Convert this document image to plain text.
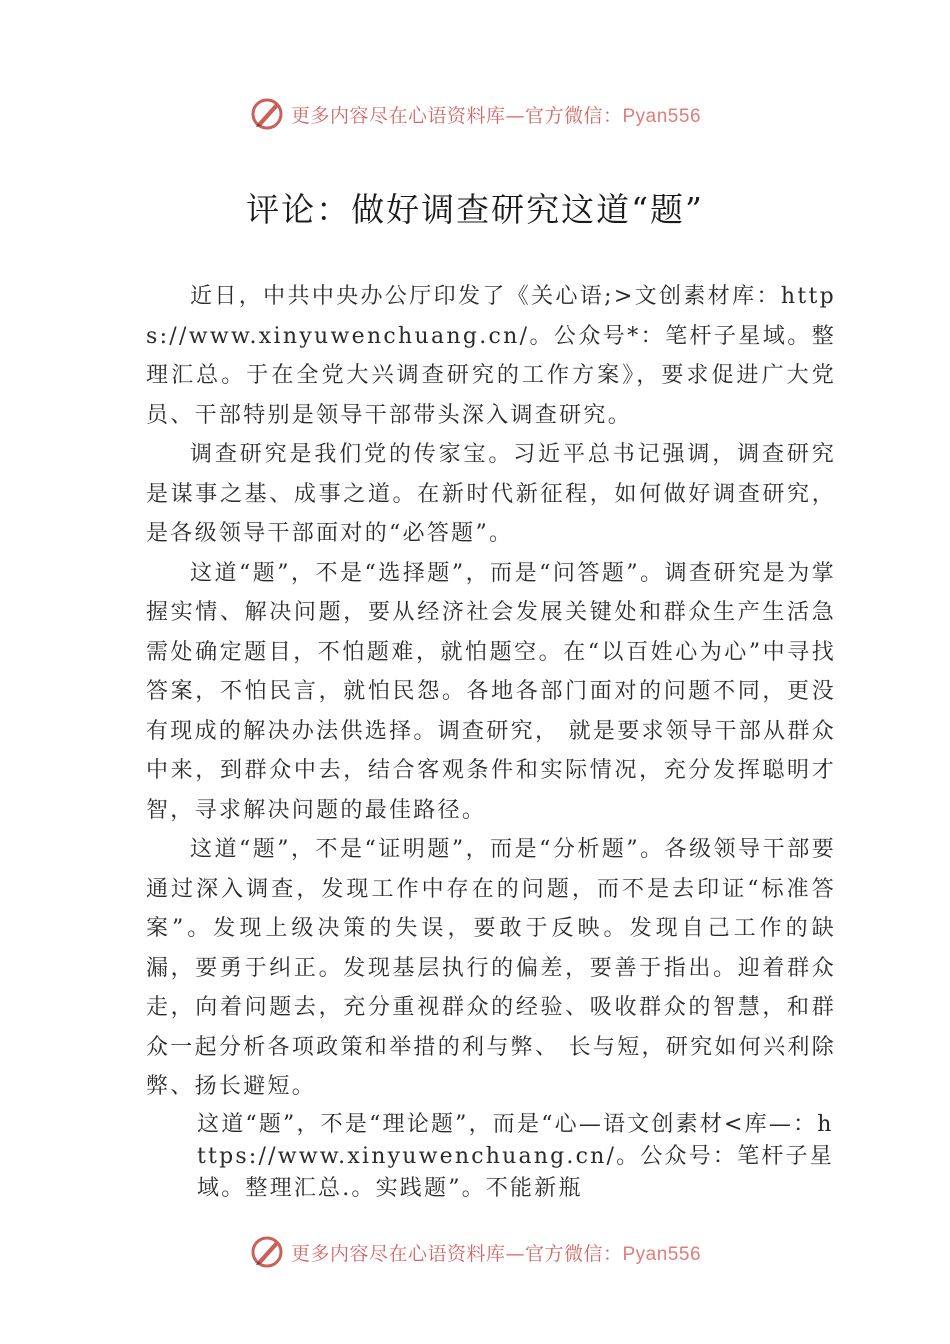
更多内容尽在心语资料库—官方微信：Pyan556
评论：做好调查研究这道“题”

近日，中共中央办公厅印发了《关心语;>文创素材库：https://www.xinyuwenchuang.cn/。公众号*：笔杆子星域。整理汇总。于在全党大兴调查研究的工作方案》，要求促进广大党员、干部特别是领导干部带头深入调查研究。

调查研究是我们党的传家宝。习近平总书记强调，调查研究是谋事之基、成事之道。在新时代新征程，如何做好调查研究，是各级领导干部面对的“必答题”。

这道“题”，不是“选择题”，而是“问答题”。调查研究是为掌握实情、解决问题，要从经济社会发展关键处和群众生产生活急需处确定题目，不怕题难，就怕题空。在“以百姓心为心”中寻找答案，不怕民言，就怕民怨。各地各部门面对的问题不同，更没有现成的解决办法供选择。调查研究， 就是要求领导干部从群众中来，到群众中去，结合客观条件和实际情况，充分发挥聪明才智，寻求解决问题的最佳路径。

这道“题”，不是“证明题”，而是“分析题”。各级领导干部要通过深入调查，发现工作中存在的问题，而不是去印证“标准答案”。发现上级决策的失误，要敢于反映。发现自己工作的缺漏，要勇于纠正。发现基层执行的偏差，要善于指出。迎着群众走，向着问题去，充分重视群众的经验、吸收群众的智慧，和群众一起分析各项政策和举措的利与弊、 长与短，研究如何兴利除弊、扬长避短。

这道“题”，不是“理论题”，而是“心—语文创素材<库—：https://www.xinyuwenchuang.cn/。公众号：笔杆子星域。整理汇总.。实践题”。不能新瓶

更多内容尽在心语资料库—官方微信：Pyan556
